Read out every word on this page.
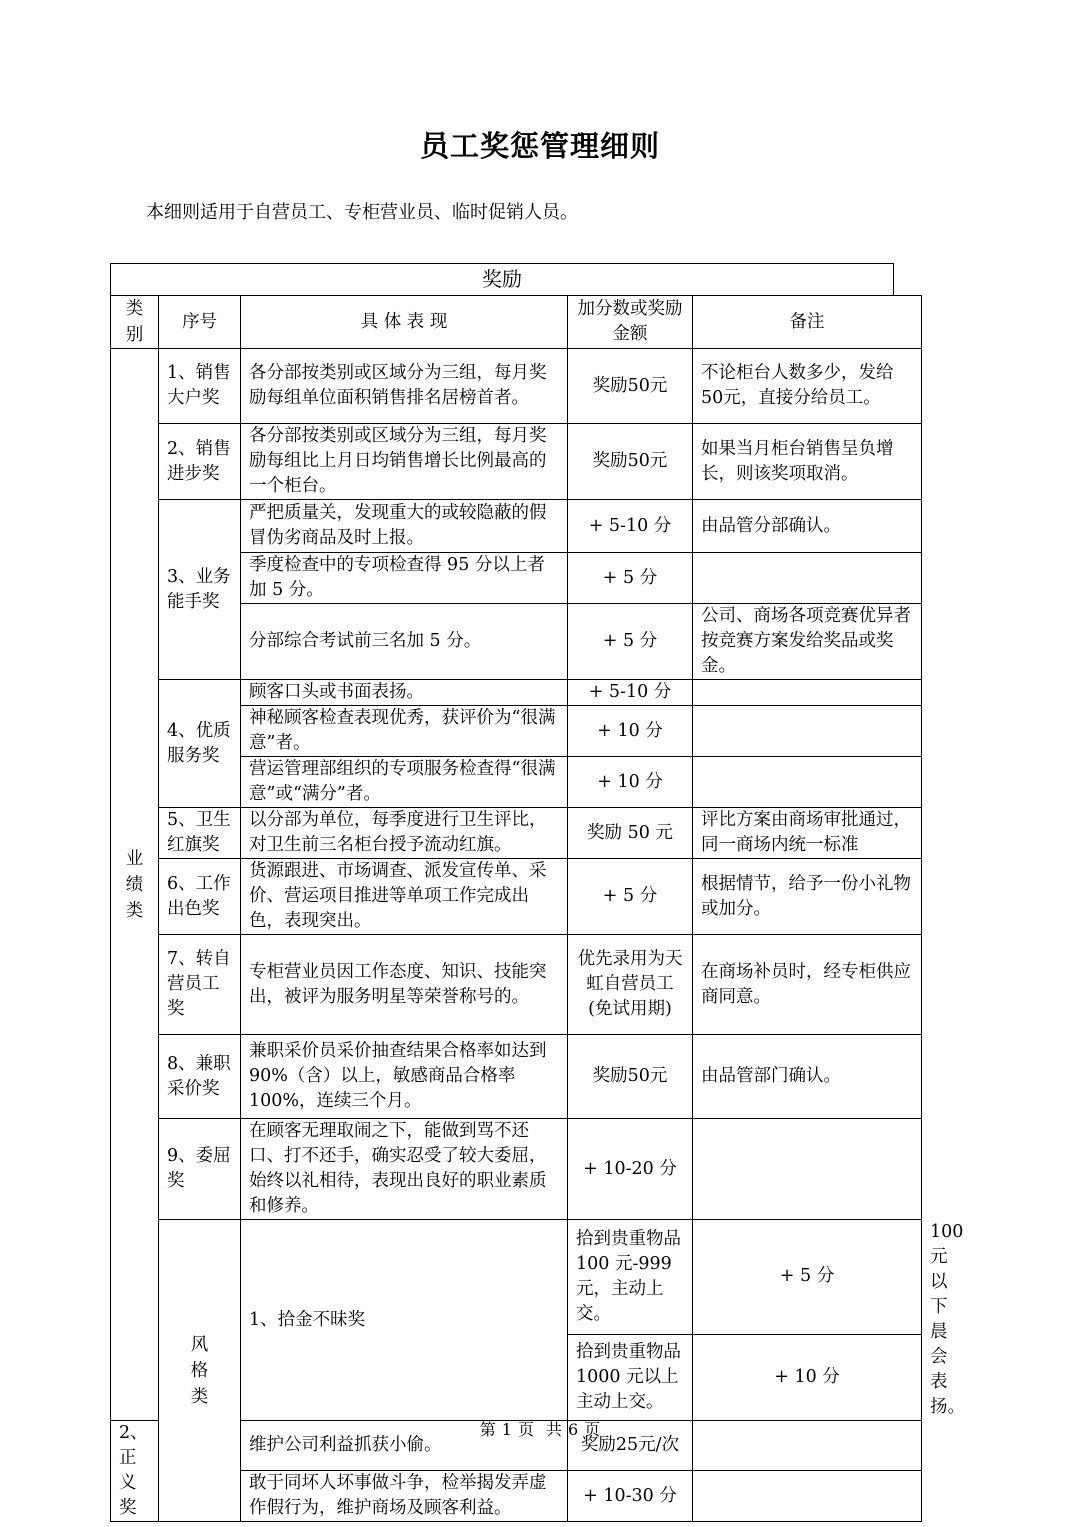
员工奖惩管理细则
本细则适用于自营员工、专柜营业员、临时促销人员。
奖励
类别	序号	具 体 表 现	加分数或奖励金额	备注	
业绩类	1、销售大户奖	各分部按类别或区域分为三组，每月奖励每组单位面积销售排名居榜首者。	奖励50元	不论柜台人数多少，发给50元，直接分给员工。	
	2、销售进步奖	各分部按类别或区域分为三组，每月奖励每组比上月日均销售增长比例最高的一个柜台。	奖励50元	如果当月柜台销售呈负增长，则该奖项取消。	
	3、业务能手奖	严把质量关，发现重大的或较隐蔽的假冒伪劣商品及时上报。	+ 5-10 分	由品管分部确认。	
		季度检查中的专项检查得 95 分以上者加 5 分。	+ 5 分		
		分部综合考试前三名加 5 分。	+ 5 分	公司、商场各项竞赛优异者按竞赛方案发给奖品或奖金。	
	4、优质服务奖	顾客口头或书面表扬。	+ 5-10 分		
		神秘顾客检查表现优秀，获评价为“很满意”者。	+ 10 分		
		营运管理部组织的专项服务检查得“很满意”或“满分”者。	+ 10 分		
	5、卫生红旗奖	以分部为单位，每季度进行卫生评比，对卫生前三名柜台授予流动红旗。	奖励 50 元	评比方案由商场审批通过，同一商场内统一标准	
	6、工作出色奖	货源跟进、市场调查、派发宣传单、采价、营运项目推进等单项工作完成出色，表现突出。	+ 5 分	根据情节，给予一份小礼物或加分。	
	7、转自营员工奖	专柜营业员因工作态度、知识、技能突出，被评为服务明星等荣誉称号的。	优先录用为天虹自营员工(免试用期)	在商场补员时，经专柜供应商同意。	
	8、兼职采价奖	兼职采价员采价抽查结果合格率如达到 90%（含）以上，敏感商品合格率100%，连续三个月。	奖励50元	由品管部门确认。	
	9、委屈奖	在顾客无理取闹之下，能做到骂不还口、打不还手，确实忍受了较大委屈，始终以礼相待，表现出良好的职业素质和修养。	+ 10-20 分		
	风格类	1、拾金不昧奖	拾到贵重物品 100 元-999 元，主动上交。	+ 5 分	100 元以下晨会表扬。
			拾到贵重物品 1000 元以上主动上交。	+ 10 分	
2、正义奖		维护公司利益抓获小偷。	奖励25元/次		
		敢于同坏人坏事做斗争，检举揭发弄虚作假行为，维护商场及顾客利益。	+ 10-30 分		
第 1 页 共 6 页
